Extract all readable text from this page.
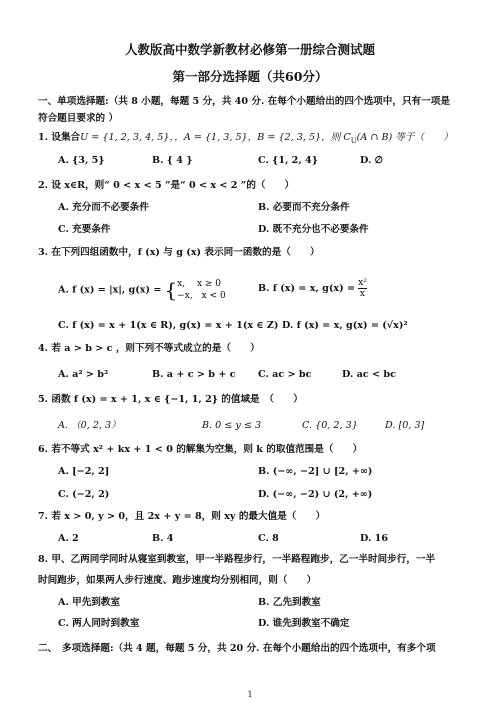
人教版高中数学新教材必修第一册综合测试题
第一部分选择题（共60分）
一、单项选择题:（共 8 小题，每题 5 分，共 40 分. 在每个小题给出的四个选项中，只有一项是
符合题目要求的 ）
1. 设集合U = {1, 2, 3, 4, 5}，，A = {1, 3, 5}，B = {2, 3, 5}，则 $C_U(A$ ∩ B) 等于（　　）
A. {3, 5}	B. { 4 }	C. {1, 2, 4}	D. ∅
2. 设 x∈R，则“ 0 < x < 5 ”是“ 0 < x < 2 ”的（　　）
A. 充分而不必要条件	B. 必要而不充分条件
C. 充要条件	D. 既不充分也不必要条件
3. 在下列四组函数中，f (x) 与 g (x) 表示同一函数的是（　　）
A. f (x) = |x|, g(x) = { x,　 x ≥ 0
−x,　x < 0
B. f (x) = x, $g(x) = \frac{\text{x²}}{x}$
C. f (x) = x + 1(x ∈ R), g(x) = x + 1(x ∈ Z) D. f (x) = x, g(x) = (√x)²
4. 若 a > b > c ，则下列不等式成立的是（　　）
A. a² > b²	B. a + c > b + c C. ac > bc	D. ac < bc
5. 函数 f (x) = x + 1, x ∈ {−1, 1, 2} 的值域是　（　　）
A. （0, 2, 3）	B. 0 ≤ y ≤ 3	C. {0, 2, 3}	D. [0, 3]
6. 若不等式 x² + kx + 1 < 0 的解集为空集，则 k 的取值范围是（　　）
A. [−2, 2]	B. (−∞, −2] ∪ [2, +∞)
C. (−2, 2)	D. (−∞, −2) ∪ (2, +∞)
7. 若 x > 0, y > 0，且 2x + y = 8，则 xy 的最大值是（　　）
A. 2	B. 4	C. 8	D. 16
8. 甲、乙两同学同时从寝室到教室，甲一半路程步行，一半路程跑步，乙一半时间步行，一半
时间跑步，如果两人步行速度、跑步速度均分别相同，则（　　）
A. 甲先到教室	B. 乙先到教室
C. 两人同时到教室	D. 谁先到教室不确定
二、　多项选择题:（共 4 题，每题 5 分，共 20 分. 在每个小题给出的四个选项中，有多个项
1
